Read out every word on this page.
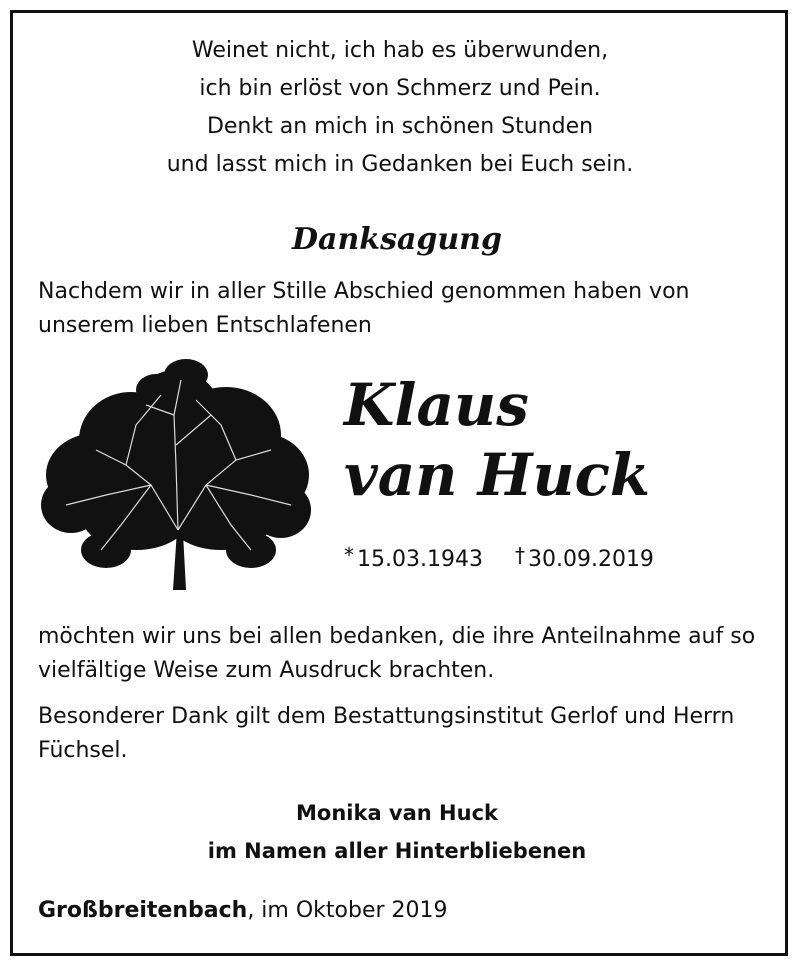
Weinet nicht, ich hab es überwunden,
ich bin erlöst von Schmerz und Pein.
Denkt an mich in schönen Stunden
und lasst mich in Gedanken bei Euch sein.
Danksagung
Nachdem wir in aller Stille Abschied genommen haben von unserem lieben Entschlafenen
Klaus
van Huck
* 15.03.1943 † 30.09.2019
möchten wir uns bei allen bedanken, die ihre Anteilnahme auf so vielfältige Weise zum Ausdruck brachten.
Besonderer Dank gilt dem Bestattungsinstitut Gerlof und Herrn Füchsel.
Monika van Huck
im Namen aller Hinterbliebenen
Großbreitenbach, im Oktober 2019
